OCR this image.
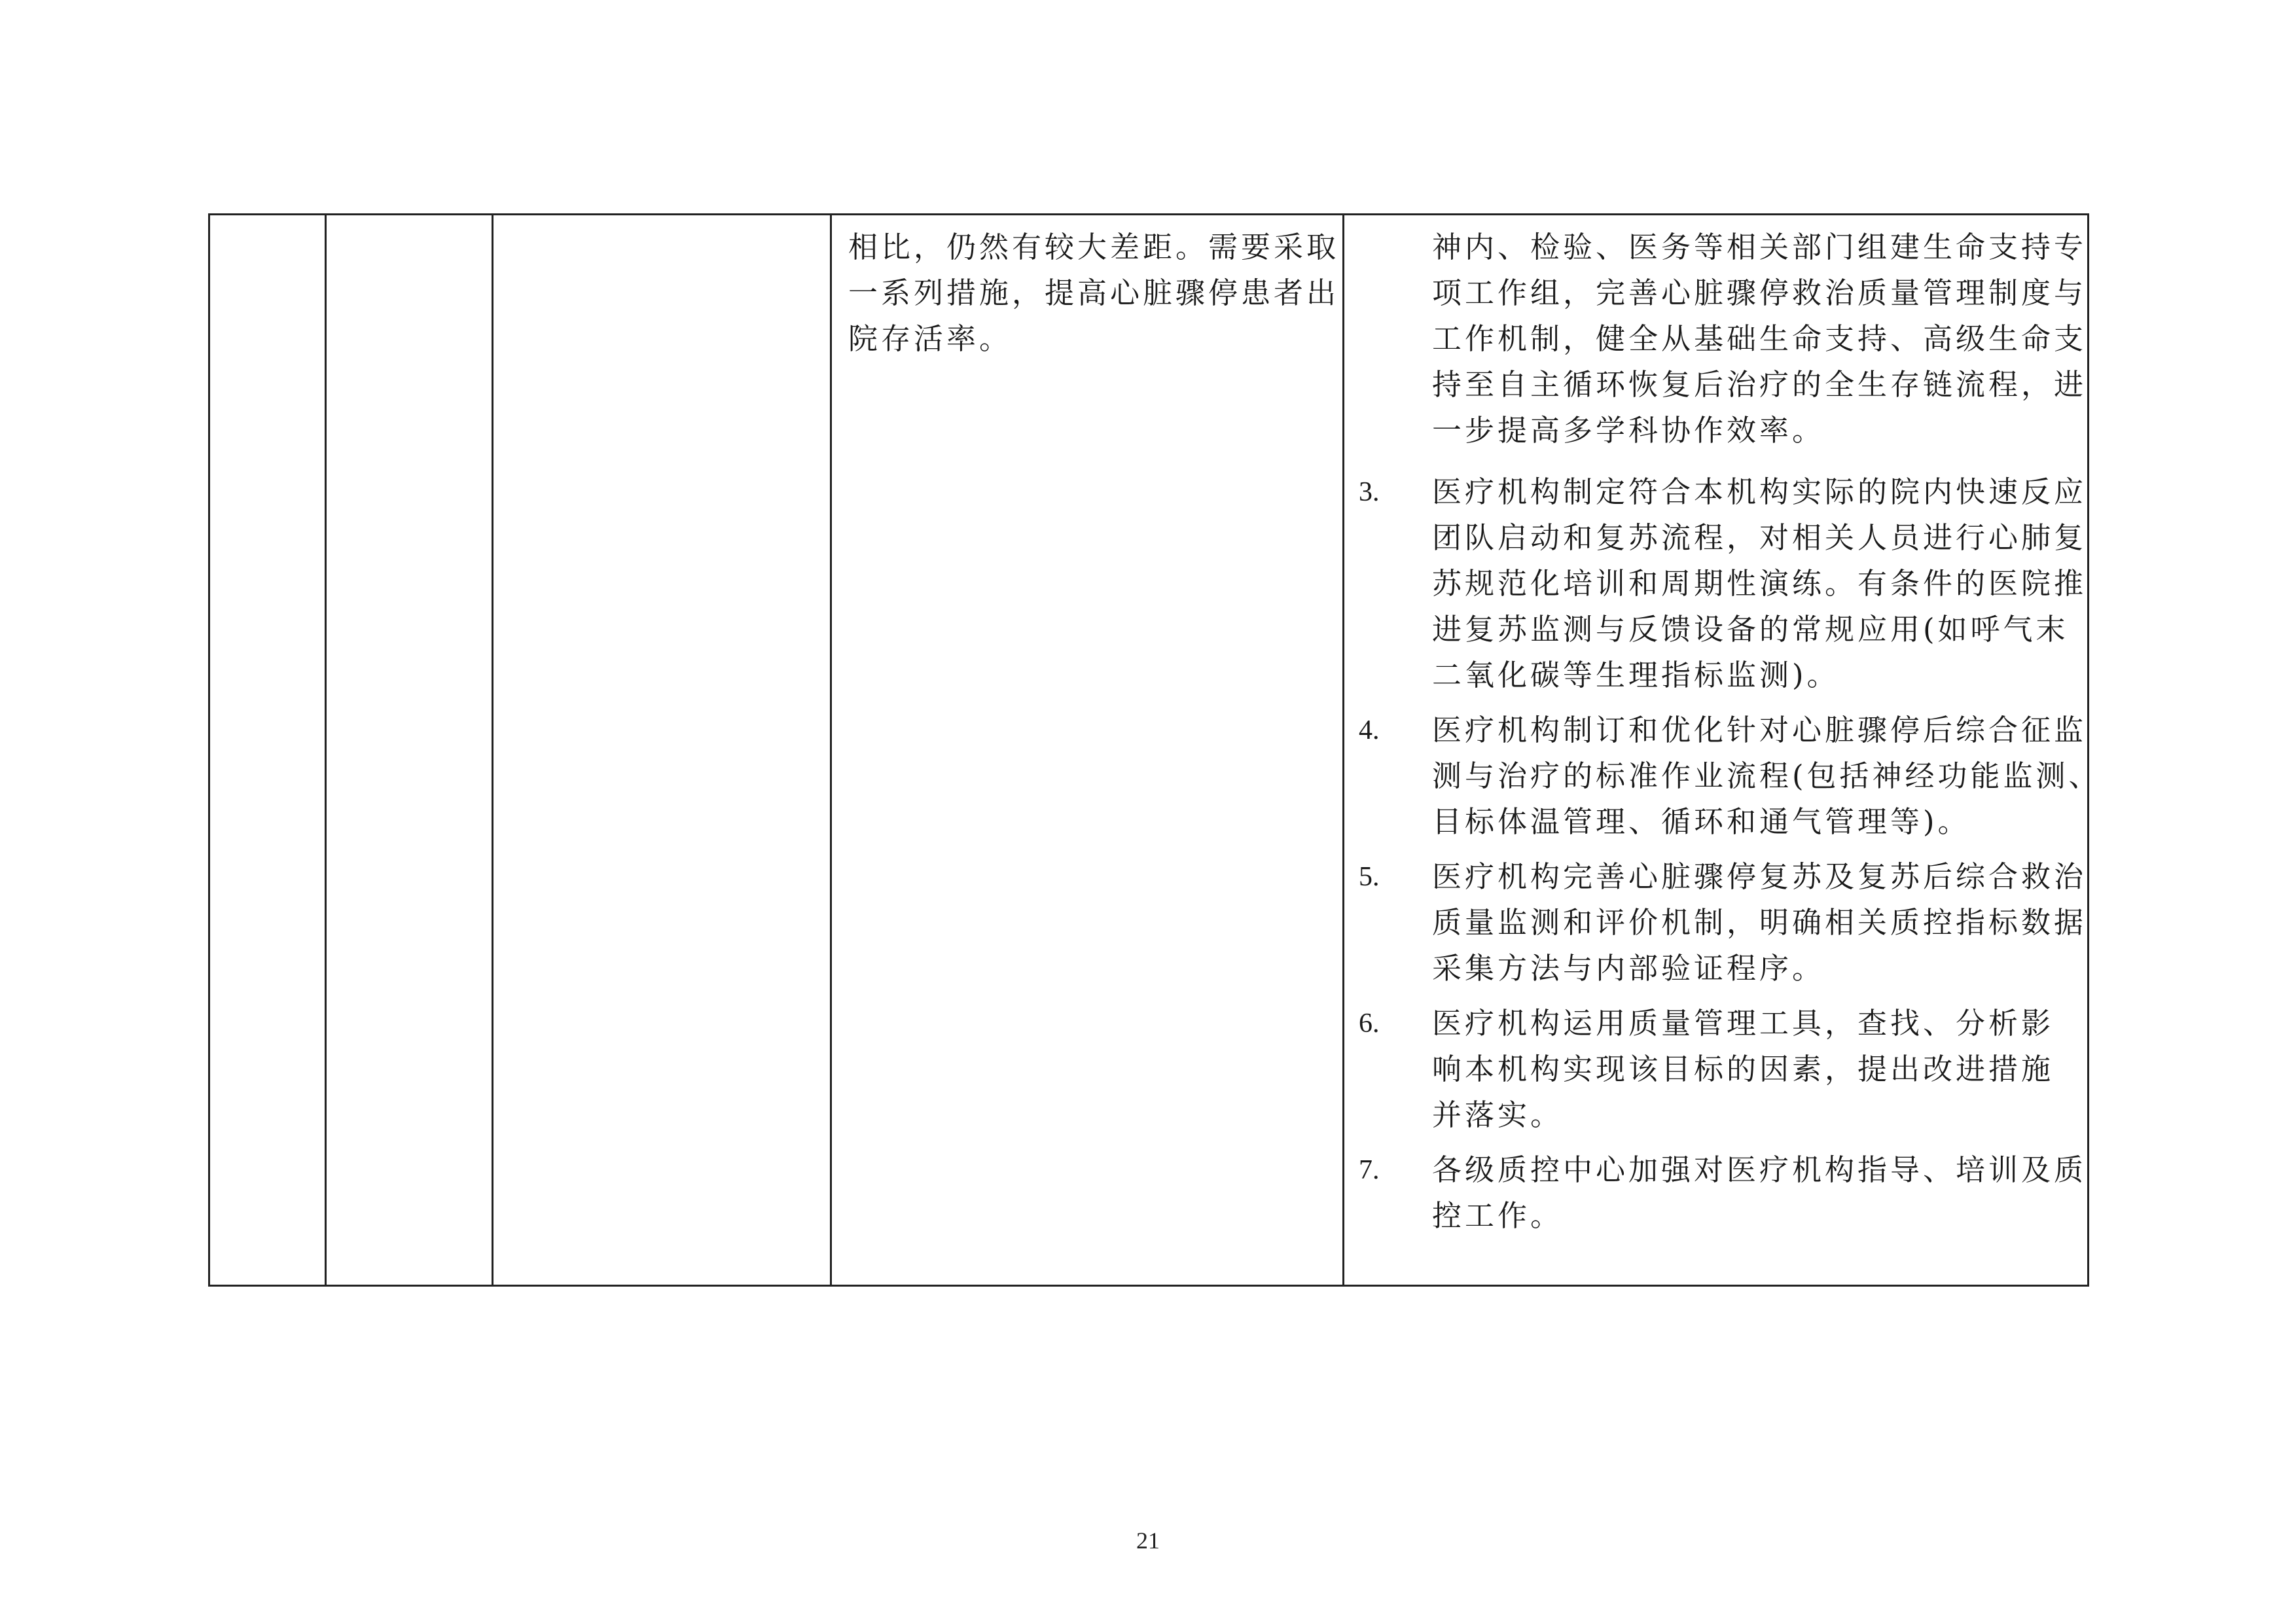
相比，仍然有较大差距。需要采取
一系列措施，提高心脏骤停患者出
院存活率。

神内、检验、医务等相关部门组建生命支持专
项工作组，完善心脏骤停救治质量管理制度与
工作机制，健全从基础生命支持、高级生命支
持至自主循环恢复后治疗的全生存链流程，进
一步提高多学科协作效率。

3.

医疗机构制定符合本机构实际的院内快速反应
团队启动和复苏流程，对相关人员进行心肺复
苏规范化培训和周期性演练。有条件的医院推
进复苏监测与反馈设备的常规应用(如呼气末
二氧化碳等生理指标监测)。

4.

医疗机构制订和优化针对心脏骤停后综合征监
测与治疗的标准作业流程(包括神经功能监测、
目标体温管理、循环和通气管理等)。

5.

医疗机构完善心脏骤停复苏及复苏后综合救治
质量监测和评价机制，明确相关质控指标数据
采集方法与内部验证程序。

6.

医疗机构运用质量管理工具，查找、分析影
响本机构实现该目标的因素，提出改进措施
并落实。

7.

各级质控中心加强对医疗机构指导、培训及质
控工作。

21
